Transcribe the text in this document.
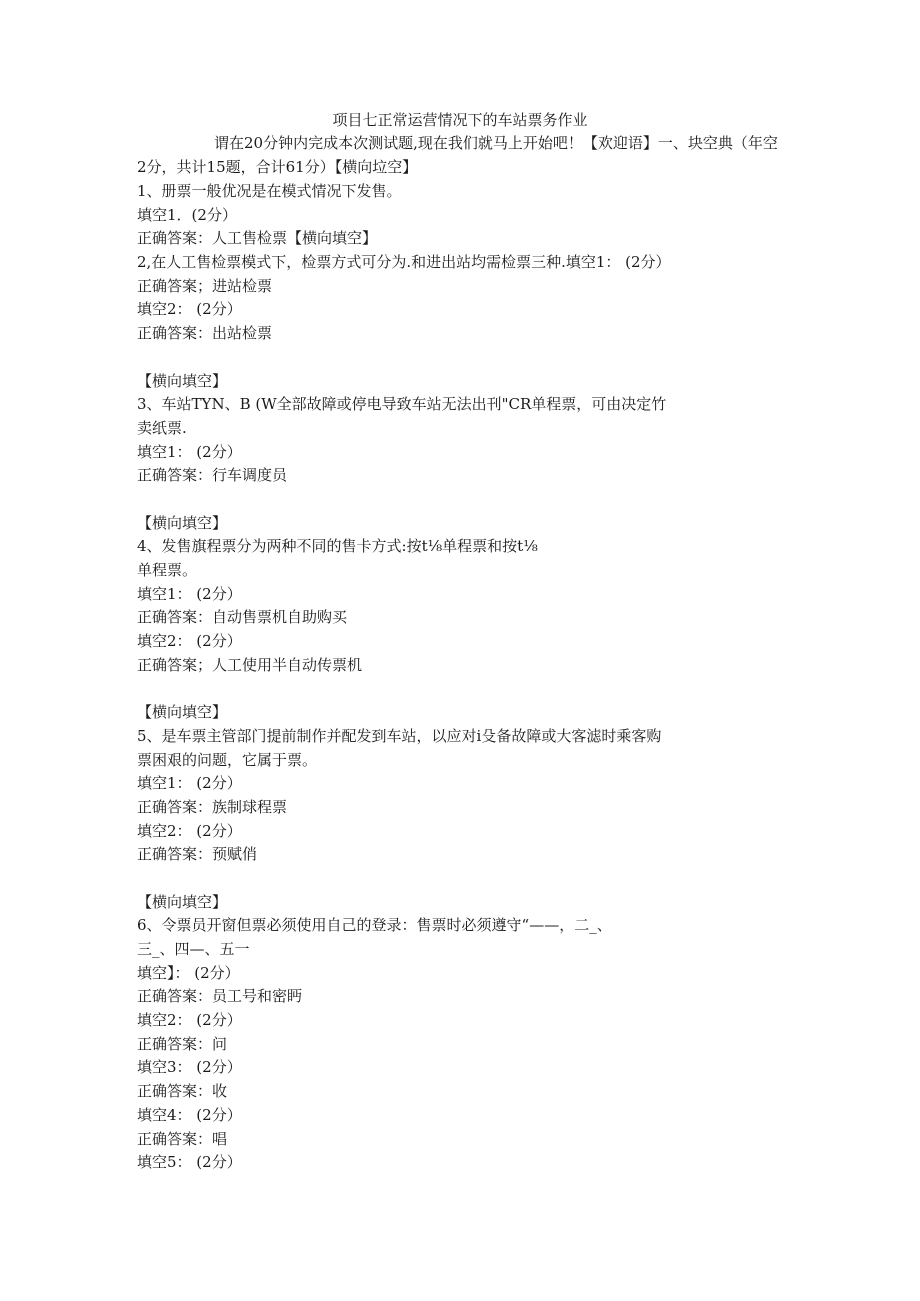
项目七正常运营情况下的车站票务作业
谓在20分钟内完成本次测试题,现在我们就马上开始吧！【欢迎语】一、块空典（年空2分，共计15题，合计61分）【横向垃空】
1、册票一般优况是在模式情况下发售。
填空1．(2分）
正确答案：人工售检票【横向填空】
2,在人工售检票模式下，检票方式可分为.和进出站均需检票三种.填空1： (2分）
正确答案；进站检票
填空2： (2分）
正确答案：出站检票
【横向填空】
3、车站TYN、B (W全部故障或停电导致车站无法出刊"CR单程票，可由决定竹
卖纸票.
填空1： (2分）
正确答案：行车调度员
【横向填空】
4、发售旗程票分为两种不同的售卡方式:按t⅛单程票和按t⅛
单程票。
填空1： (2分）
正确答案：自动售票机自助购买
填空2： (2分）
正确答案；人工使用半自动传票机
【横向填空】
5、是车票主管部门提前制作并配发到车站，以应对i殳备故障或大客滤时乘客购
票困艰的问题，它属于票。
填空1： (2分）
正确答案：族制球程票
填空2： (2分）
正确答案：预赋俏
【横向填空】
6、令票员开窗但票必须使用自己的登录：售票时必须遵守“——，二_、
三_、四—、五一
填空】： (2分）
正确答案：员工号和密眄
填空2： (2分）
正确答案：问
填空3： (2分）
正确答案：收
填空4： (2分）
正确答案：唱
填空5： (2分）
